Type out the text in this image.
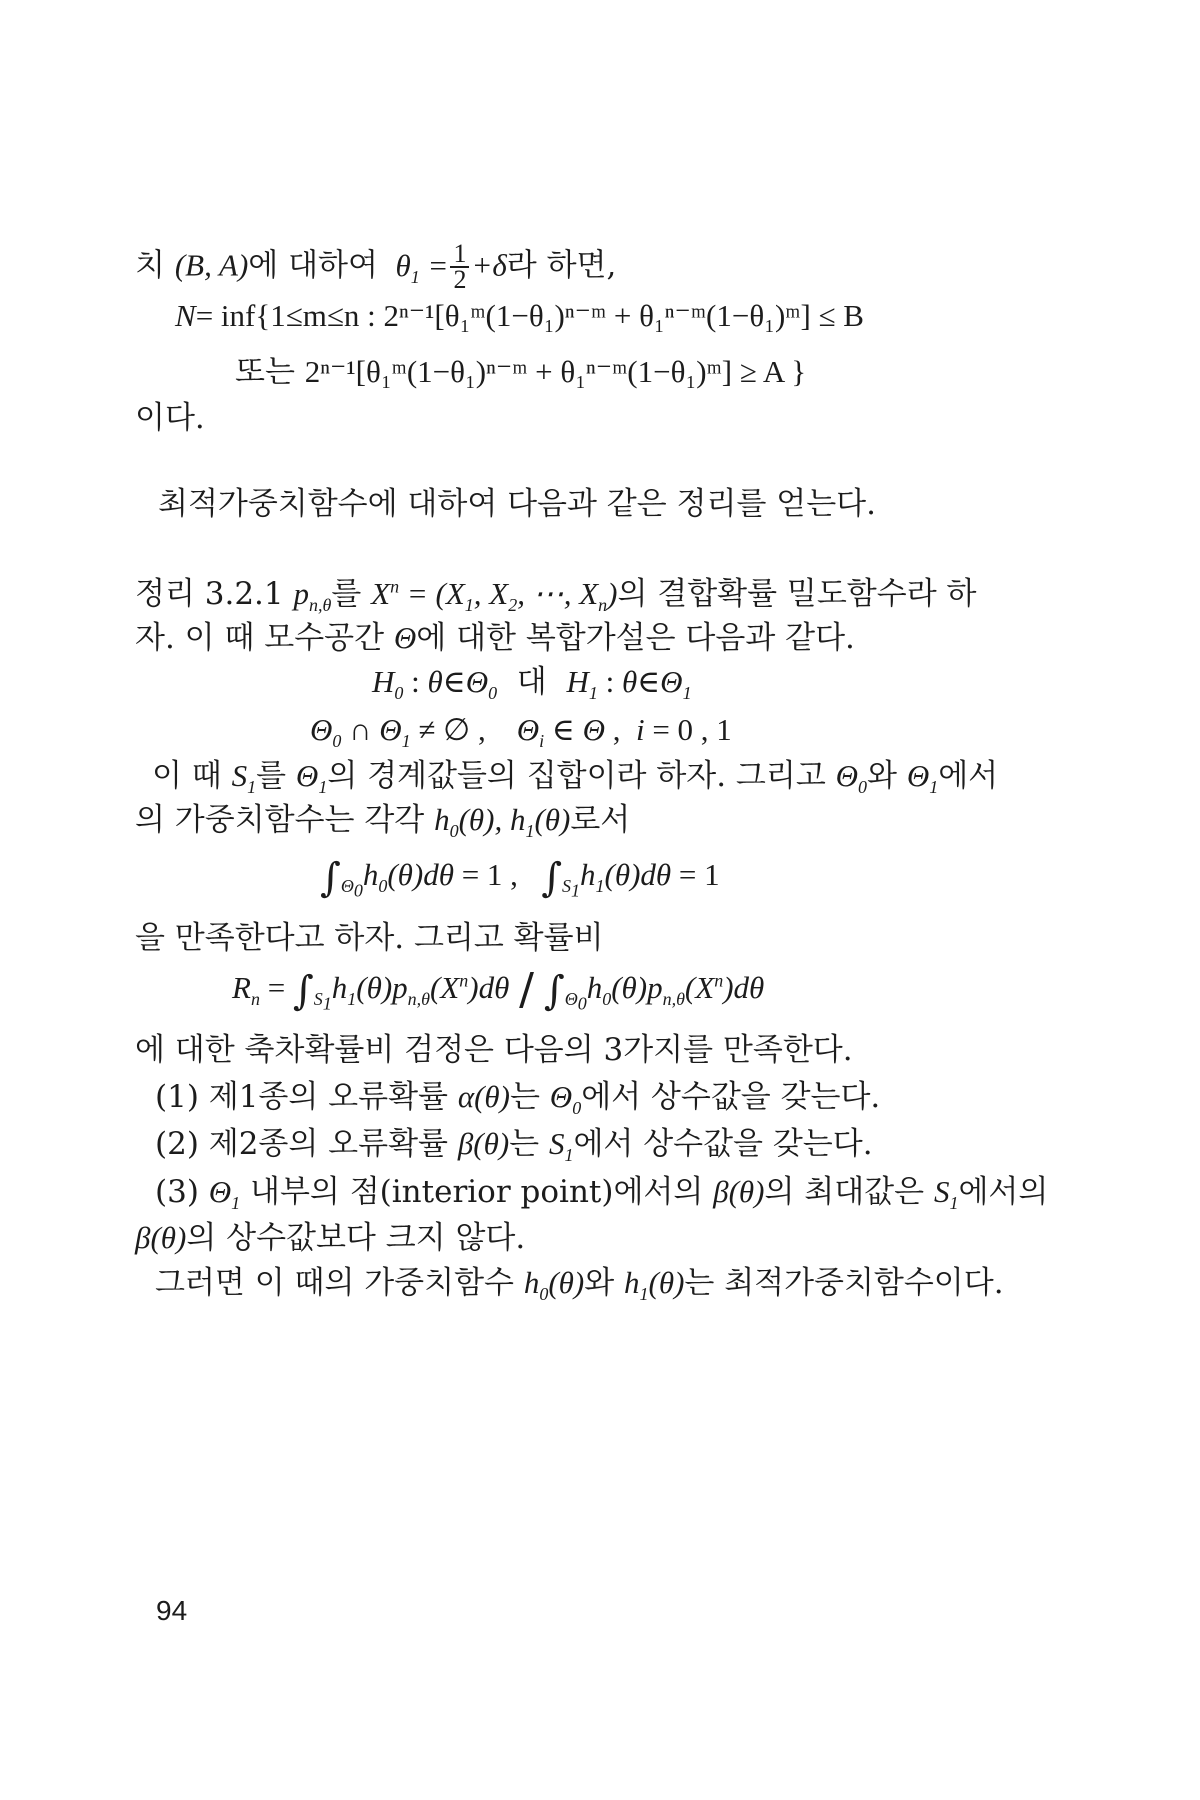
치 (B, A)에 대하여  $\theta_1 = \frac{1}{2} +\delta$라 하면,
N= inf{1≤m≤n : 2ⁿ⁻¹[θ₁ᵐ(1−θ₁)ⁿ⁻ᵐ + θ₁ⁿ⁻ᵐ(1−θ₁)ᵐ] ≤ B
또는 2ⁿ⁻¹[θ₁ᵐ(1−θ₁)ⁿ⁻ᵐ + θ₁ⁿ⁻ᵐ(1−θ₁)ᵐ] ≥ A }
이다.
최적가중치함수에 대하여 다음과 같은 정리를 얻는다.
정리 3.2.1 $p_{n,\theta}$를 $X^n = (X_1$, $X_2$, ⋯, $X_n$)의 결합확률 밀도함수라 하
자. 이 때 모수공간 Θ에 대한 복합가설은 다음과 같다.
$H_0$ : $\theta\in\Theta_0$  대  $H_1$ : $\theta\in\Theta_1$
$\Theta_0$ ∩ $\Theta_1$ ≠ ∅ ,    $\Theta_i$ ∈ Θ ,  i = 0 , 1
이 때 $S_1$를 $\Theta_1$의 경계값들의 집합이라 하자. 그리고 $\Theta_0$와 $\Theta_1$에서
의 가중치함수는 각각 $h_0(\theta)$, $h_1(\theta)$로서
$\int_{\Theta_0}h_0(\theta)d\theta = 1$ ,   $\int_{S_1}h_1(\theta)d\theta = 1$
을 만족한다고 하자. 그리고 확률비
$R_n = \int_{S_1}h_1(\theta)p_{n,\theta}(X^n)d\theta / \int_{\Theta_0}h_0(\theta)p_{n,\theta}(X^n)d\theta$
에 대한 축차확률비 검정은 다음의 3가지를 만족한다.
(1) 제1종의 오류확률 α(θ)는 $\Theta_0$에서 상수값을 갖는다.
(2) 제2종의 오류확률 β(θ)는 $S_1$에서 상수값을 갖는다.
(3) $\Theta_1$ 내부의 점(interior point)에서의 β(θ)의 최대값은 $S_1$에서의
β(θ)의 상수값보다 크지 않다.
그러면 이 때의 가중치함수 $h_0(\theta)$와 $h_1(\theta)$는 최적가중치함수이다.
94
